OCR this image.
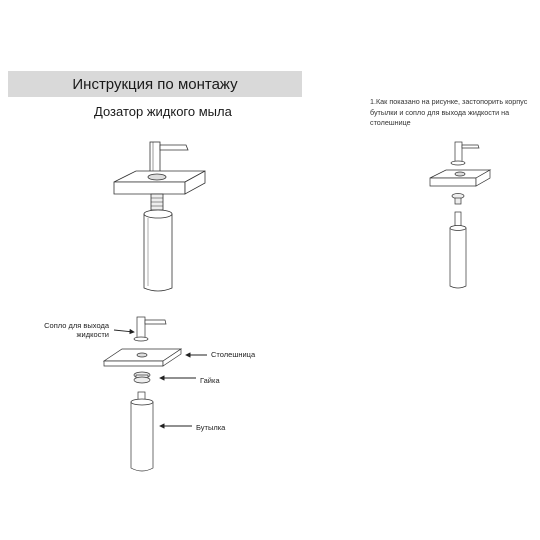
Инструкция по монтажу
Дозатор жидкого мыла
1.Как показано на рисунке, застопорить корпус бутылки и сопло для выхода жидкости на столешнице
Сопло для выхода жидкости
Столешница
Гайка
Бутылка
